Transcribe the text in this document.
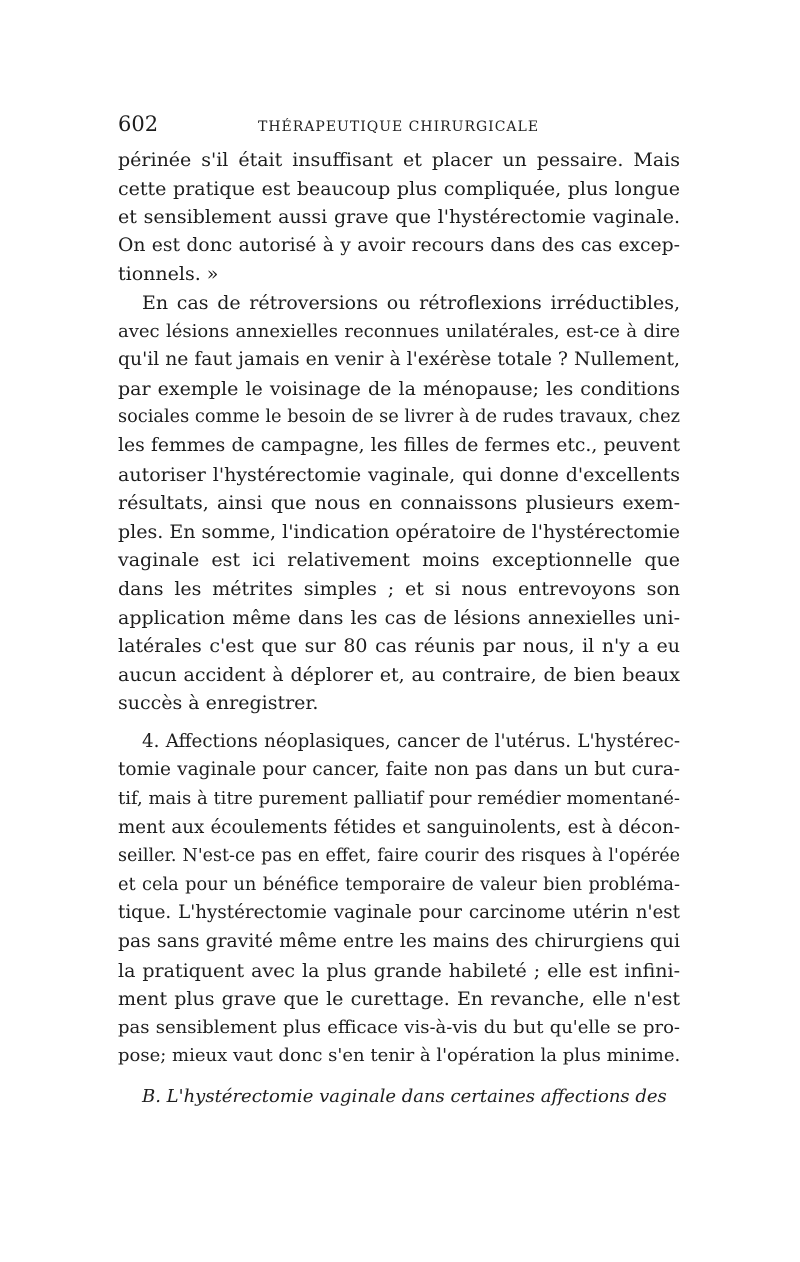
602	THÉRAPEUTIQUE CHIRURGICALE
périnée s'il était insuffisant et placer un pessaire. Mais
cette pratique est beaucoup plus compliquée, plus longue
et sensiblement aussi grave que l'hystérectomie vaginale.
On est donc autorisé à y avoir recours dans des cas excep-
tionnels. »
En cas de rétroversions ou rétroflexions irréductibles,
avec lésions annexielles reconnues unilatérales, est-ce à dire
qu'il ne faut jamais en venir à l'exérèse totale ? Nullement,
par exemple le voisinage de la ménopause; les conditions
sociales comme le besoin de se livrer à de rudes travaux, chez
les femmes de campagne, les filles de fermes etc., peuvent
autoriser l'hystérectomie vaginale, qui donne d'excellents
résultats, ainsi que nous en connaissons plusieurs exem-
ples. En somme, l'indication opératoire de l'hystérectomie
vaginale est ici relativement moins exceptionnelle que
dans les métrites simples ; et si nous entrevoyons son
application même dans les cas de lésions annexielles uni-
latérales c'est que sur 80 cas réunis par nous, il n'y a eu
aucun accident à déplorer et, au contraire, de bien beaux
succès à enregistrer.
4. Affections néoplasiques, cancer de l'utérus. L'hystérec-
tomie vaginale pour cancer, faite non pas dans un but cura-
tif, mais à titre purement palliatif pour remédier momentané-
ment aux écoulements fétides et sanguinolents, est à décon-
seiller. N'est-ce pas en effet, faire courir des risques à l'opérée
et cela pour un bénéfice temporaire de valeur bien probléma-
tique. L'hystérectomie vaginale pour carcinome utérin n'est
pas sans gravité même entre les mains des chirurgiens qui
la pratiquent avec la plus grande habileté ; elle est infini-
ment plus grave que le curettage. En revanche, elle n'est
pas sensiblement plus efficace vis-à-vis du but qu'elle se pro-
pose; mieux vaut donc s'en tenir à l'opération la plus minime.
B. L'hystérectomie vaginale dans certaines affections des
